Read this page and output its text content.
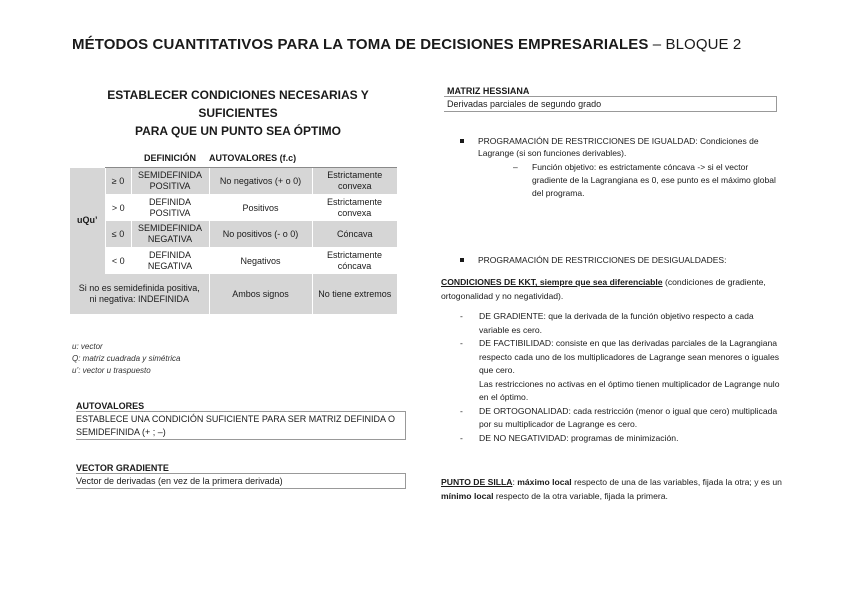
MÉTODOS CUANTITATIVOS PARA LA TOMA DE DECISIONES EMPRESARIALES – BLOQUE 2
ESTABLECER CONDICIONES NECESARIAS Y SUFICIENTES
PARA QUE UN PUNTO SEA ÓPTIMO
		DEFINICIÓN	AUTOVALORES (f.c)	
uQu’	≥ 0	SEMIDEFINIDA POSITIVA	No negativos (+ o 0)	Estrictamente convexa
	> 0	DEFINIDA POSITIVA	Positivos	Estrictamente convexa
	≤ 0	SEMIDEFINIDA NEGATIVA	No positivos (- o 0)	Cóncava
	< 0	DEFINIDA NEGATIVA	Negativos	Estrictamente cóncava
Si no es semidefinida positiva, ni negativa: INDEFINIDA			Ambos signos	No tiene extremos
u: vector
Q: matriz cuadrada y simétrica
u’: vector u traspuesto
AUTOVALORES
ESTABLECE UNA CONDICIÓN SUFICIENTE PARA SER MATRIZ DEFINIDA O SEMIDEFINIDA (+ ; –)
VECTOR GRADIENTE
Vector de derivadas (en vez de la primera derivada)
MATRIZ HESSIANA
Derivadas parciales de segundo grado
PROGRAMACIÓN DE RESTRICCIONES DE IGUALDAD: Condiciones de Lagrange (si son funciones derivables).
– Función objetivo: es estrictamente cóncava -> si el vector gradiente de la Lagrangiana es 0, ese punto es el máximo global del programa.
PROGRAMACIÓN DE RESTRICCIONES DE DESIGUALDADES:
CONDICIONES DE KKT, siempre que sea diferenciable (condiciones de gradiente, ortogonalidad y no negatividad).
- DE GRADIENTE: que la derivada de la función objetivo respecto a cada variable es cero.
- DE FACTIBILIDAD: consiste en que las derivadas parciales de la Lagrangiana respecto cada uno de los multiplicadores de Lagrange sean menores o iguales que cero.
Las restricciones no activas en el óptimo tienen multiplicador de Lagrange nulo en el óptimo.
- DE ORTOGONALIDAD: cada restricción (menor o igual que cero) multiplicada por su multiplicador de Lagrange es cero.
- DE NO NEGATIVIDAD: programas de minimización.
PUNTO DE SILLA: máximo local respecto de una de las variables, fijada la otra; y es un mínimo local respecto de la otra variable, fijada la primera.
